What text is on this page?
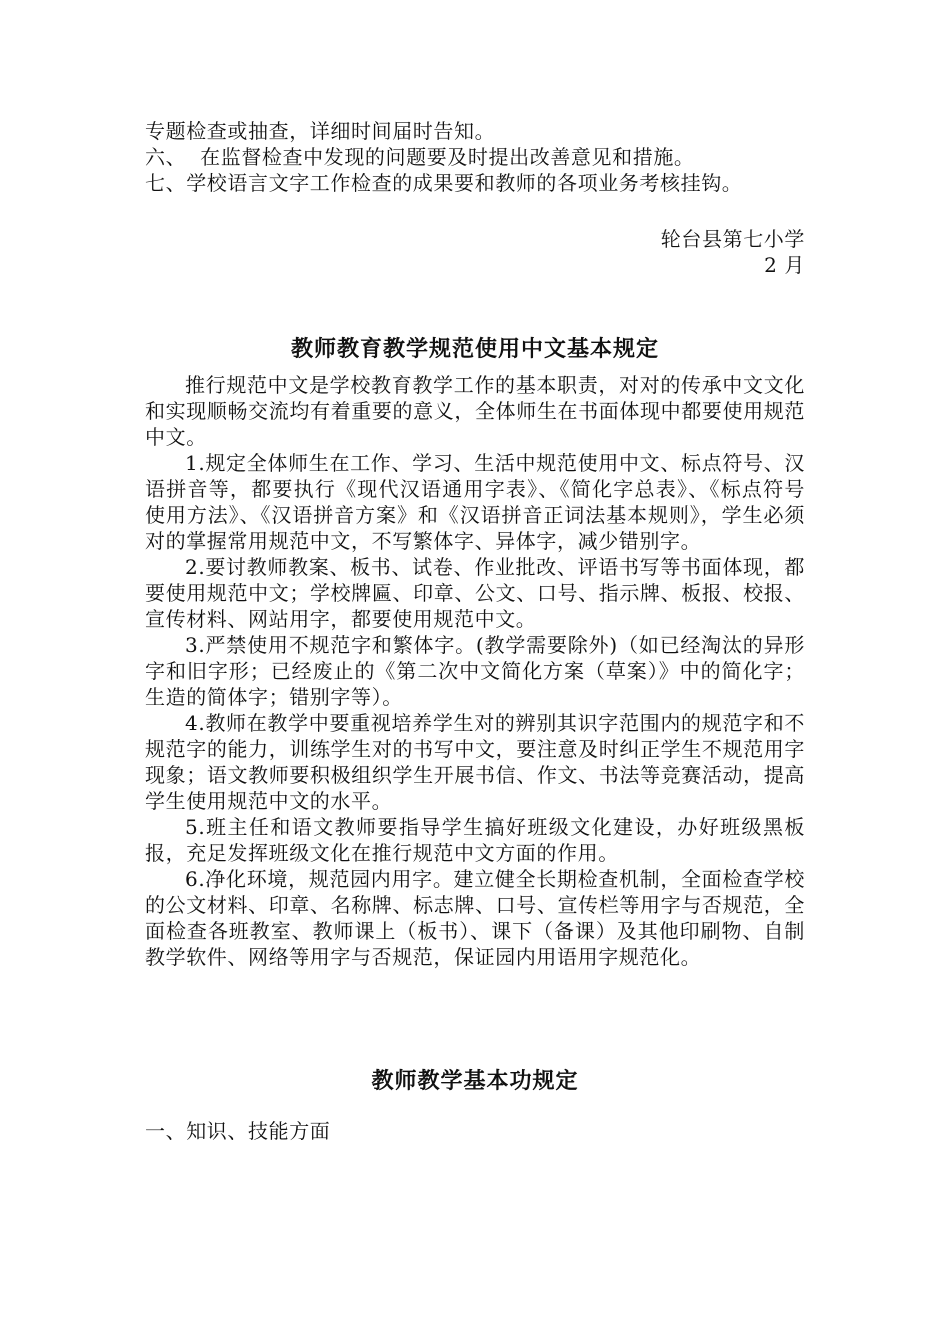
专题检查或抽查，详细时间届时告知。

六、  在监督检查中发现的问题要及时提出改善意见和措施。

七、学校语言文字工作检查的成果要和教师的各项业务考核挂钩。

轮台县第七小学

2 月

教师教育教学规范使用中文基本规定

推行规范中文是学校教育教学工作的基本职责，对对的传承中文文化和实现顺畅交流均有着重要的意义，全体师生在书面体现中都要使用规范中文。

1.规定全体师生在工作、学习、生活中规范使用中文、标点符号、汉语拼音等，都要执行《现代汉语通用字表》、《简化字总表》、《标点符号使用方法》、《汉语拼音方案》和《汉语拼音正词法基本规则》，学生必须对的掌握常用规范中文，不写繁体字、异体字，减少错别字。

2.要讨教师教案、板书、试卷、作业批改、评语书写等书面体现，都要使用规范中文；学校牌匾、印章、公文、口号、指示牌、板报、校报、宣传材料、网站用字，都要使用规范中文。

3.严禁使用不规范字和繁体字。(教学需要除外)（如已经淘汰的异形字和旧字形；已经废止的《第二次中文简化方案（草案）》中的简化字；生造的简体字；错别字等）。

4.教师在教学中要重视培养学生对的辨别其识字范围内的规范字和不规范字的能力，训练学生对的书写中文，要注意及时纠正学生不规范用字现象；语文教师要积极组织学生开展书信、作文、书法等竞赛活动，提高学生使用规范中文的水平。

5.班主任和语文教师要指导学生搞好班级文化建设，办好班级黑板报，充足发挥班级文化在推行规范中文方面的作用。

6.净化环境，规范园内用字。建立健全长期检查机制，全面检查学校的公文材料、印章、名称牌、标志牌、口号、宣传栏等用字与否规范，全面检查各班教室、教师课上（板书）、课下（备课）及其他印刷物、自制教学软件、网络等用字与否规范，保证园内用语用字规范化。

教师教学基本功规定

一、知识、技能方面
